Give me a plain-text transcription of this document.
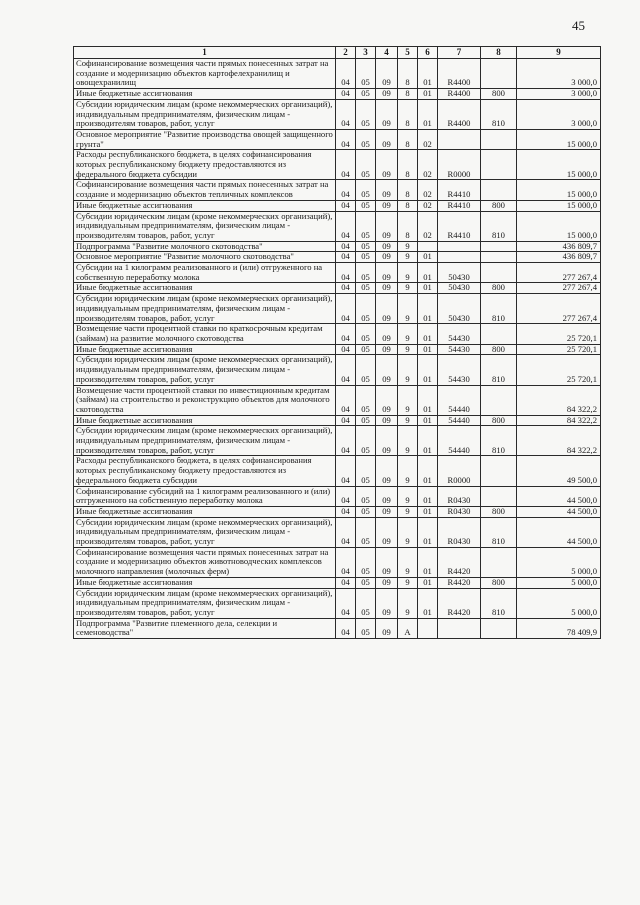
45
1	2	3	4	5	6	7	8	9
Софинансирование возмещения части прямых понесенных затрат на создание и модернизацию объектов картофелехранилищ и овощехранилищ	04	05	09	8	01	R4400		3 000,0
Иные бюджетные ассигнования	04	05	09	8	01	R4400	800	3 000,0
Субсидии юридическим лицам (кроме некоммерческих организаций), индивидуальным предпринимателям, физическим лицам - производителям товаров, работ, услуг	04	05	09	8	01	R4400	810	3 000,0
Основное мероприятие "Развитие производства овощей защищенного грунта"	04	05	09	8	02			15 000,0
Расходы республиканского бюджета, в целях софинансирования которых республиканскому бюджету предоставляются из федерального бюджета субсидии	04	05	09	8	02	R0000		15 000,0
Софинансирование возмещения части прямых понесенных затрат на создание и модернизацию объектов тепличных комплексов	04	05	09	8	02	R4410		15 000,0
Иные бюджетные ассигнования	04	05	09	8	02	R4410	800	15 000,0
Субсидии юридическим лицам (кроме некоммерческих организаций), индивидуальным предпринимателям, физическим лицам - производителям товаров, работ, услуг	04	05	09	8	02	R4410	810	15 000,0
Подпрограмма "Развитие молочного скотоводства"	04	05	09	9				436 809,7
Основное мероприятие "Развитие молочного скотоводства"	04	05	09	9	01			436 809,7
Субсидии на 1 килограмм реализованного и (или) отгруженного на собственную переработку молока	04	05	09	9	01	50430		277 267,4
Иные бюджетные ассигнования	04	05	09	9	01	50430	800	277 267,4
Субсидии юридическим лицам (кроме некоммерческих организаций), индивидуальным предпринимателям, физическим лицам - производителям товаров, работ, услуг	04	05	09	9	01	50430	810	277 267,4
Возмещение части процентной ставки по краткосрочным кредитам (займам) на развитие молочного скотоводства	04	05	09	9	01	54430		25 720,1
Иные бюджетные ассигнования	04	05	09	9	01	54430	800	25 720,1
Субсидии юридическим лицам (кроме некоммерческих организаций), индивидуальным предпринимателям, физическим лицам - производителям товаров, работ, услуг	04	05	09	9	01	54430	810	25 720,1
Возмещение части процентной ставки по инвестиционным кредитам (займам) на строительство и реконструкцию объектов для молочного скотоводства	04	05	09	9	01	54440		84 322,2
Иные бюджетные ассигнования	04	05	09	9	01	54440	800	84 322,2
Субсидии юридическим лицам (кроме некоммерческих организаций), индивидуальным предпринимателям, физическим лицам - производителям товаров, работ, услуг	04	05	09	9	01	54440	810	84 322,2
Расходы республиканского бюджета, в целях софинансирования которых республиканскому бюджету предоставляются из федерального бюджета субсидии	04	05	09	9	01	R0000		49 500,0
Софинансирование субсидий на 1 килограмм реализованного и (или) отгруженного на собственную переработку молока	04	05	09	9	01	R0430		44 500,0
Иные бюджетные ассигнования	04	05	09	9	01	R0430	800	44 500,0
Субсидии юридическим лицам (кроме некоммерческих организаций), индивидуальным предпринимателям, физическим лицам - производителям товаров, работ, услуг	04	05	09	9	01	R0430	810	44 500,0
Софинансирование возмещения части прямых понесенных затрат на создание и модернизацию объектов животноводческих комплексов молочного направления (молочных ферм)	04	05	09	9	01	R4420		5 000,0
Иные бюджетные ассигнования	04	05	09	9	01	R4420	800	5 000,0
Субсидии юридическим лицам (кроме некоммерческих организаций), индивидуальным предпринимателям, физическим лицам - производителям товаров, работ, услуг	04	05	09	9	01	R4420	810	5 000,0
Подпрограмма "Развитие племенного дела, селекции и семеноводства"	04	05	09	А				78 409,9
